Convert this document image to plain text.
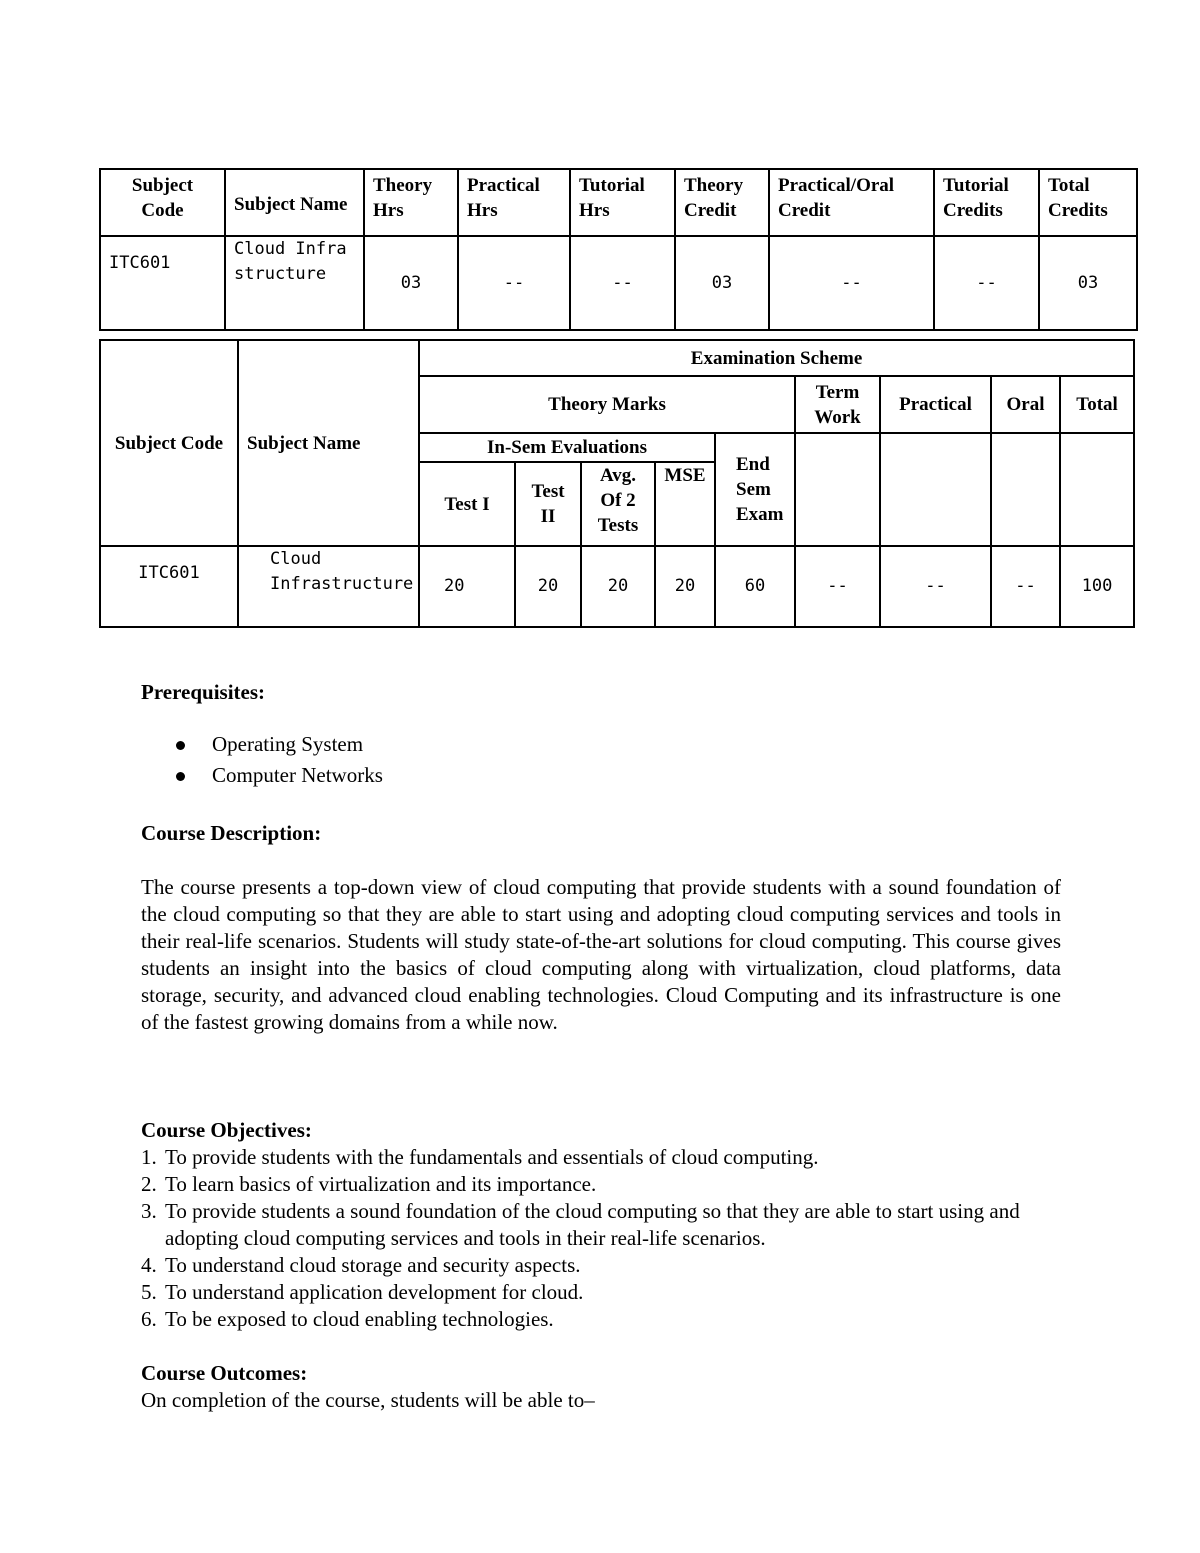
Subject Code	Subject Name	Theory Hrs	Practical Hrs	Tutorial Hrs	Theory Credit	Practical/Oral Credit	Tutorial Credits	Total Credits
ITC601	Cloud Infra structure	03	--	--	03	--	--	03
Subject Code	Subject Name	Examination Scheme								
		Theory Marks					Term Work	Practical	Oral	Total
		In-Sem Evaluations				End Sem Exam				
		Test I	Test II	Avg. Of 2 Tests	MSE					
ITC601	Cloud Infrastructure	20	20	20	20	60	--	--	--	100
Prerequisites:
Operating System
Computer Networks
Course Description:
The course presents a top-down view of cloud computing that provide students with a sound foundation of the cloud computing so that they are able to start using and adopting cloud computing services and tools in their real-life scenarios. Students will study state-of-the-art solutions for cloud computing. This course gives students an insight into the basics of cloud computing along with virtualization, cloud platforms, data storage, security, and advanced cloud enabling technologies. Cloud Computing and its infrastructure is one of the fastest growing domains from a while now.
Course Objectives:
1. To provide students with the fundamentals and essentials of cloud computing.
2. To learn basics of virtualization and its importance.
3. To provide students a sound foundation of the cloud computing so that they are able to start using and adopting cloud computing services and tools in their real-life scenarios.
4. To understand cloud storage and security aspects.
5. To understand application development for cloud.
6. To be exposed to cloud enabling technologies.
Course Outcomes:
On completion of the course, students will be able to–
